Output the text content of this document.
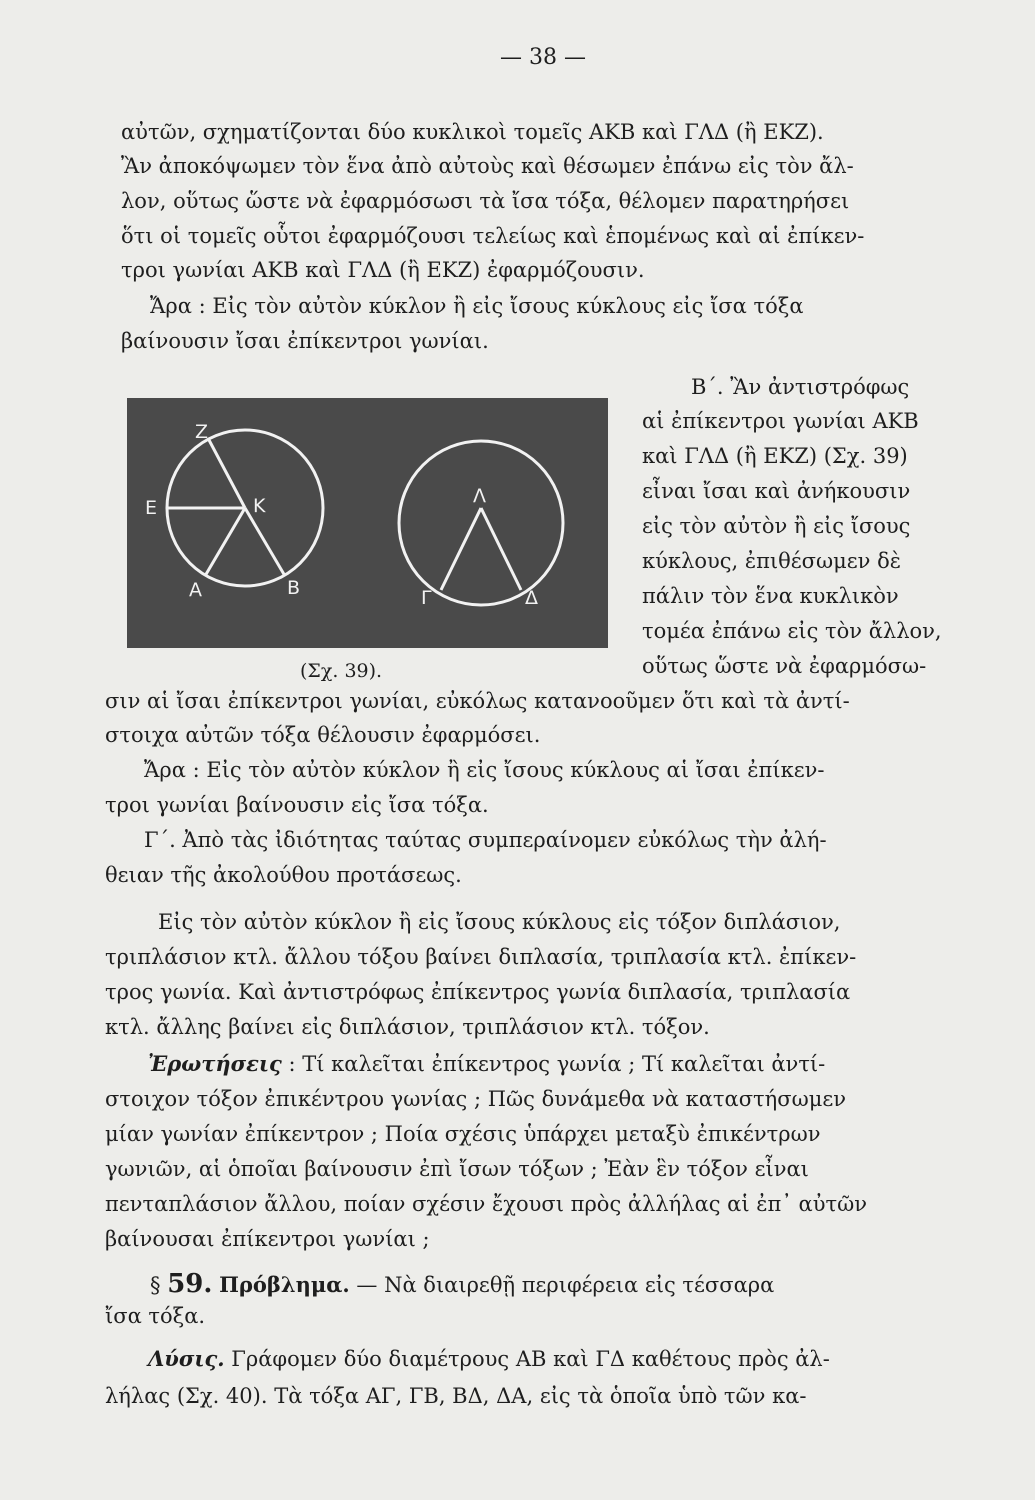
— 38 —
αὐτῶν, σχηματίζονται δύο κυκλικοὶ τομεῖς ΑΚΒ καὶ ΓΛΔ (ἢ ΕΚΖ).
Ἂν ἀποκόψωμεν τὸν ἕνα ἀπὸ αὐτοὺς καὶ θέσωμεν ἐπάνω εἰς τὸν ἄλ-
λον, οὕτως ὥστε νὰ ἐφαρμόσωσι τὰ ἴσα τόξα, θέλομεν παρατηρήσει
ὅτι οἱ τομεῖς οὗτοι ἐφαρμόζουσι τελείως καὶ ἑπομένως καὶ αἱ ἐπίκεν-
τροι γωνίαι ΑΚΒ καὶ ΓΛΔ (ἢ ΕΚΖ) ἐφαρμόζουσιν.
Ἄρα : Εἰς τὸν αὐτὸν κύκλον ἢ εἰς ἴσους κύκλους εἰς ἴσα τόξα
βαίνουσιν ἴσαι ἐπίκεντροι γωνίαι.
Ζ
Ε	Κ
Α	Β
Λ
Γ	Δ
(Σχ. 39).
Β΄. Ἂν ἀντιστρόφως
αἱ ἐπίκεντροι γωνίαι ΑΚΒ
καὶ ΓΛΔ (ἢ ΕΚΖ) (Σχ. 39)
εἶναι ἴσαι καὶ ἀνήκουσιν
εἰς τὸν αὐτὸν ἢ εἰς ἴσους
κύκλους, ἐπιθέσωμεν δὲ
πάλιν τὸν ἕνα κυκλικὸν
τομέα ἐπάνω εἰς τὸν ἄλλον,
οὕτως ὥστε νὰ ἐφαρμόσω-
σιν αἱ ἴσαι ἐπίκεντροι γωνίαι, εὐκόλως κατανοοῦμεν ὅτι καὶ τὰ ἀντί-
στοιχα αὐτῶν τόξα θέλουσιν ἐφαρμόσει.
Ἄρα : Εἰς τὸν αὐτὸν κύκλον ἢ εἰς ἴσους κύκλους αἱ ἴσαι ἐπίκεν-
τροι γωνίαι βαίνουσιν εἰς ἴσα τόξα.
Γ΄. Ἀπὸ τὰς ἰδιότητας ταύτας συμπεραίνομεν εὐκόλως τὴν ἀλή-
θειαν τῆς ἀκολούθου προτάσεως.
Εἰς τὸν αὐτὸν κύκλον ἢ εἰς ἴσους κύκλους εἰς τόξον διπλάσιον,
τριπλάσιον κτλ. ἄλλου τόξου βαίνει διπλασία, τριπλασία κτλ. ἐπίκεν-
τρος γωνία. Καὶ ἀντιστρόφως ἐπίκεντρος γωνία διπλασία, τριπλασία
κτλ. ἄλλης βαίνει εἰς διπλάσιον, τριπλάσιον κτλ. τόξον.
Ἐρωτήσεις : Τί καλεῖται ἐπίκεντρος γωνία ; Τί καλεῖται ἀντί-
στοιχον τόξον ἐπικέντρου γωνίας ; Πῶς δυνάμεθα νὰ καταστήσωμεν
μίαν γωνίαν ἐπίκεντρον ; Ποία σχέσις ὑπάρχει μεταξὺ ἐπικέντρων
γωνιῶν, αἱ ὁποῖαι βαίνουσιν ἐπὶ ἴσων τόξων ; Ἐὰν ἓν τόξον εἶναι
πενταπλάσιον ἄλλου, ποίαν σχέσιν ἔχουσι πρὸς ἀλλήλας αἱ ἐπ᾽ αὐτῶν
βαίνουσαι ἐπίκεντροι γωνίαι ;
§ 59. Πρόβλημα. — Νὰ διαιρεθῇ περιφέρεια εἰς τέσσαρα
ἴσα τόξα.
Λύσις. Γράφομεν δύο διαμέτρους ΑΒ καὶ ΓΔ καθέτους πρὸς ἀλ-
λήλας (Σχ. 40). Τὰ τόξα ΑΓ, ΓΒ, ΒΔ, ΔΑ, εἰς τὰ ὁποῖα ὑπὸ τῶν κα-
